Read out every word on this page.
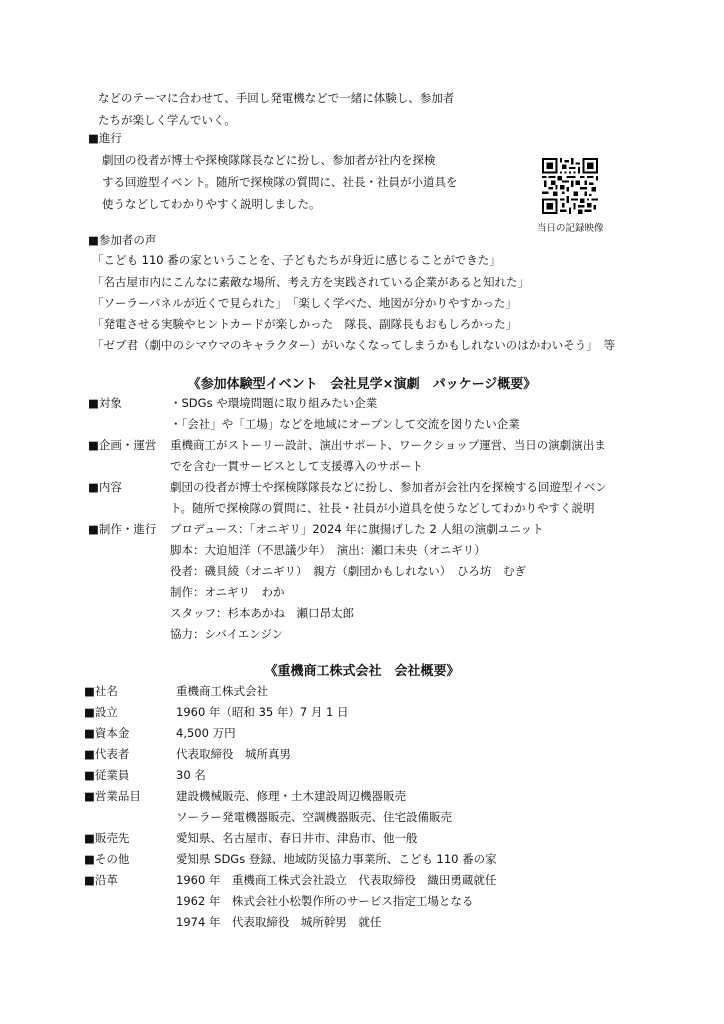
などのテーマに合わせて、手回し発電機などで一緒に体験し、参加者
たちが楽しく学んでいく。
■進行
劇団の役者が博士や探検隊隊長などに扮し、参加者が社内を探検
する回遊型イベント。随所で探検隊の質問に、社長・社員が小道具を
使うなどしてわかりやすく説明しました。
当日の記録映像
■参加者の声
「こども 110 番の家ということを、子どもたちが身近に感じることができた」
「名古屋市内にこんなに素敵な場所、考え方を実践されている企業があると知れた」
「ソーラーパネルが近くで見られた」　「楽しく学べた、地図が分かりやすかった」
「発電させる実験やヒントカードが楽しかった　隊長、副隊長もおもしろかった」
「ゼブ君（劇中のシマウマのキャラクター）がいなくなってしまうかもしれないのはかわいそう」　等
《参加体験型イベント　会社見学×演劇　パッケージ概要》
■対象	・SDGs や環境問題に取り組みたい企業
・「会社」や「工場」などを地域にオープンして交流を図りたい企業
■企画・運営 重機商工がストーリー設計、演出サポート、ワークショップ運営、当日の演劇演出ま
でを含む一貫サービスとして支援導入のサポート
■内容	劇団の役者が博士や探検隊隊長などに扮し、参加者が会社内を探検する回遊型イベン
ト。随所で探検隊の質問に、社長・社員が小道具を使うなどしてわかりやすく説明
■制作・進行 プロデュース：「オニギリ」2024 年に旗揚げした 2 人組の演劇ユニット
脚本：大迫旭洋（不思議少年）　演出：瀬口未央（オニギリ）
役者：磯貝綾（オニギリ）　親方（劇団かもしれない）　ひろ坊　むぎ
制作：オニギリ　わか
スタッフ：杉本あかね　瀬口昂太郎
協力：シバイエンジン
《重機商工株式会社　会社概要》
■社名	重機商工株式会社
■設立	1960 年（昭和 35 年）7 月 1 日
■資本金	4,500 万円
■代表者	代表取締役　城所真男
■従業員	30 名
■営業品目	建設機械販売、修理・土木建設周辺機器販売
ソーラー発電機器販売、空調機器販売、住宅設備販売
■販売先	愛知県、名古屋市、春日井市、津島市、他一般
■その他	愛知県 SDGs 登録、地域防災協力事業所、こども 110 番の家
■沿革	1960 年　重機商工株式会社設立　代表取締役　織田勇蔵就任
1962 年　株式会社小松製作所のサービス指定工場となる
1974 年　代表取締役　城所幹男　就任
